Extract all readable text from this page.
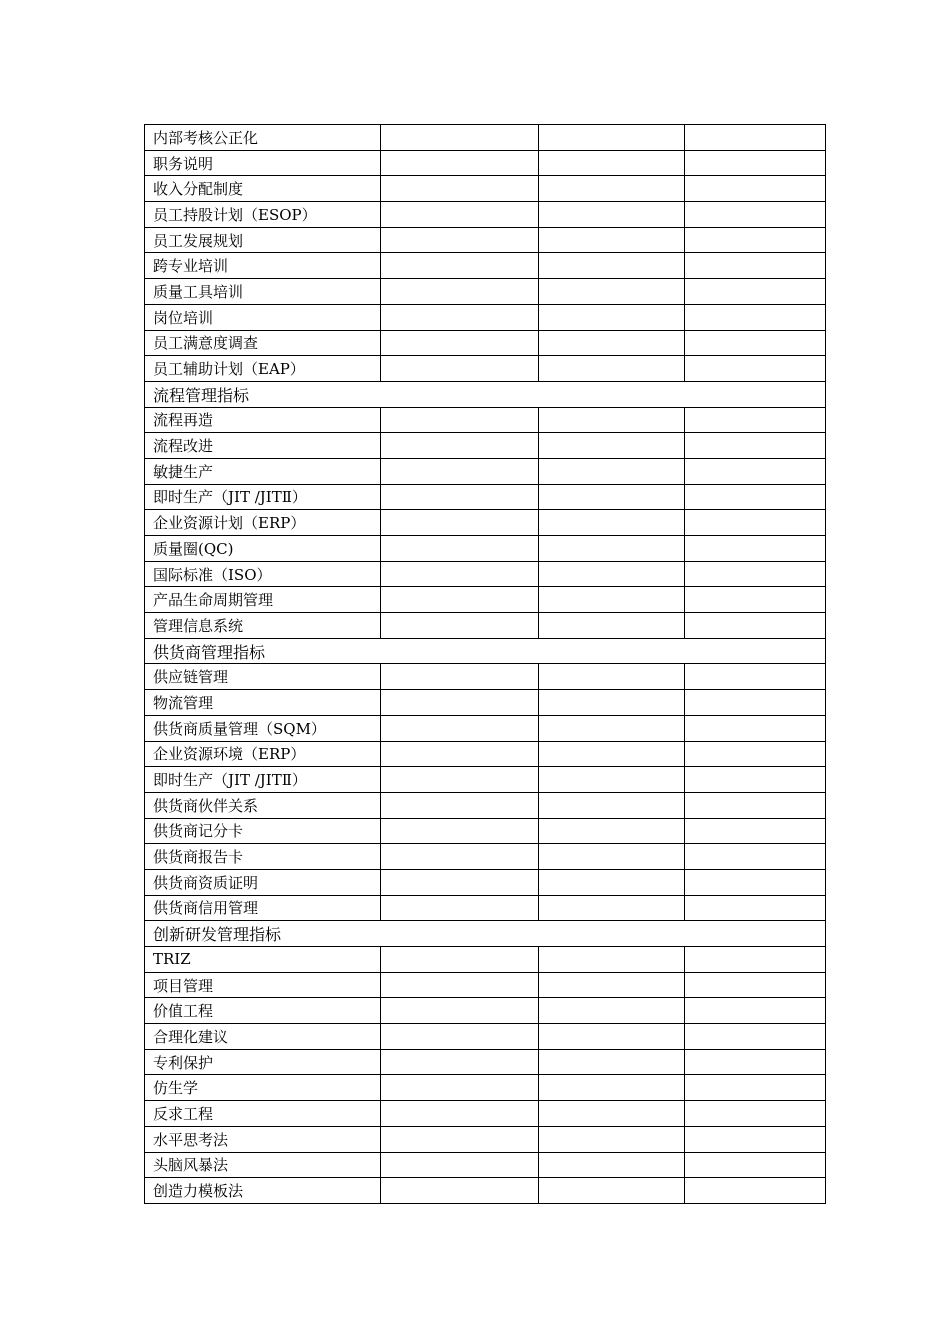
内部考核公正化			
职务说明			
收入分配制度			
员工持股计划（ESOP）			
员工发展规划			
跨专业培训			
质量工具培训			
岗位培训			
员工满意度调查			
员工辅助计划（EAP）			
流程管理指标			
流程再造			
流程改进			
敏捷生产			
即时生产（JIT /JITⅡ）			
企业资源计划（ERP）			
质量圈(QC)			
国际标准（ISO）			
产品生命周期管理			
管理信息系统			
供货商管理指标			
供应链管理			
物流管理			
供货商质量管理（SQM）			
企业资源环境（ERP）			
即时生产（JIT /JITⅡ）			
供货商伙伴关系			
供货商记分卡			
供货商报告卡			
供货商资质证明			
供货商信用管理			
创新研发管理指标			
TRIZ			
项目管理			
价值工程			
合理化建议			
专利保护			
仿生学			
反求工程			
水平思考法			
头脑风暴法			
创造力模板法			
